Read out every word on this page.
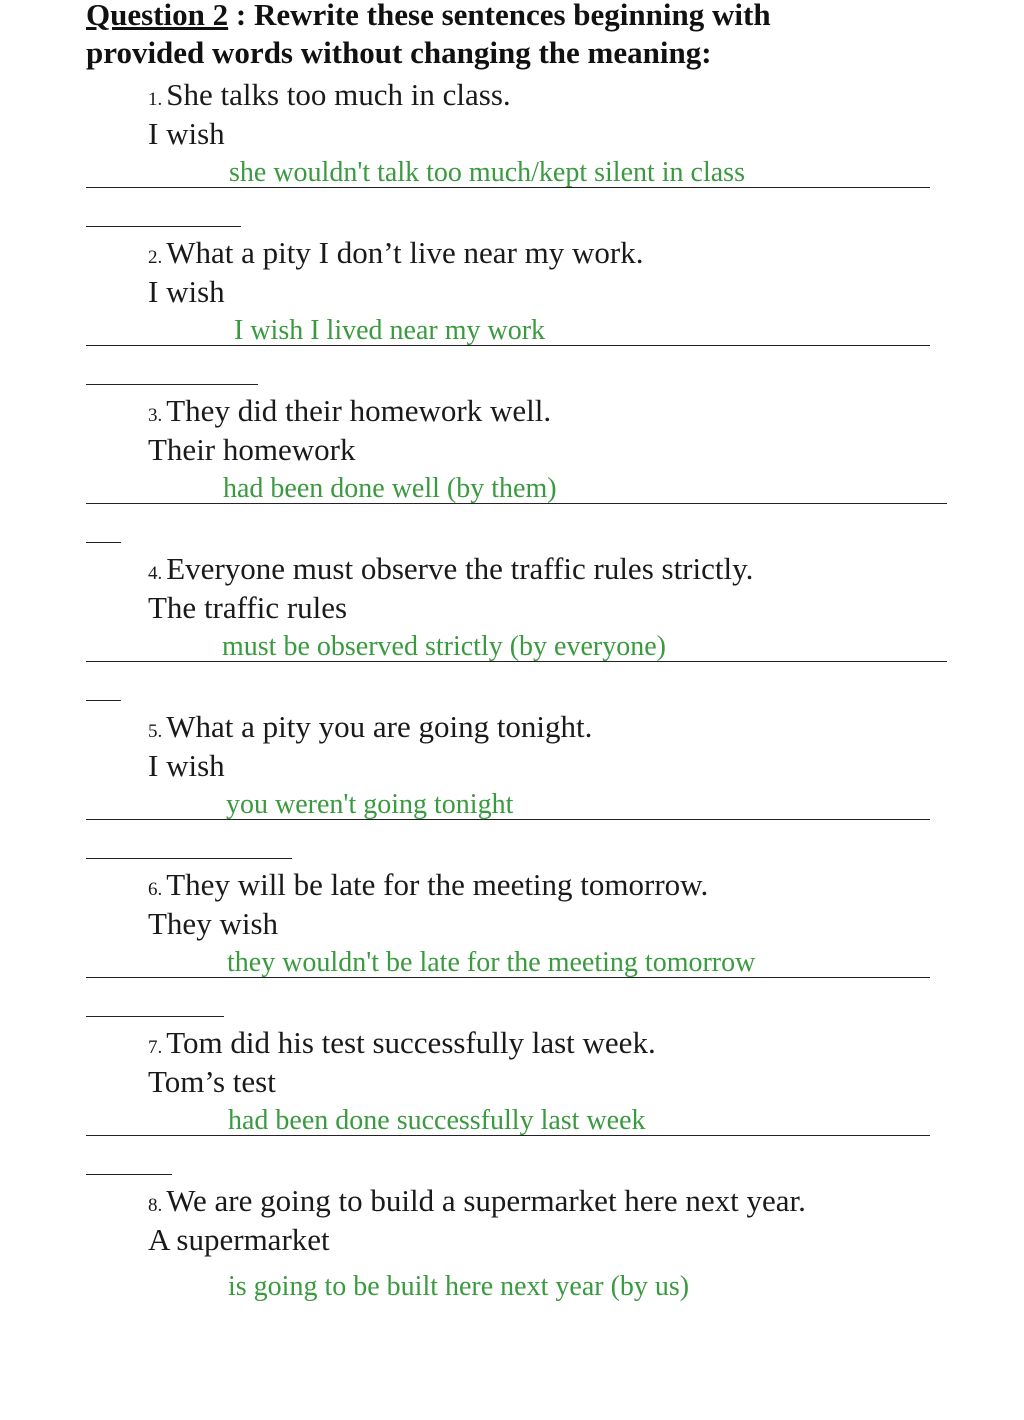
Question 2 : Rewrite these sentences beginning with
provided words without changing the meaning:
1. She talks too much in class.
I wish
she wouldn't talk too much/kept silent in class
2. What a pity I don’t live near my work.
I wish
I wish I lived near my work
3. They did their homework well.
Their homework
had been done well (by them)
4. Everyone must observe the traffic rules strictly.
The traffic rules
must be observed strictly (by everyone)
5. What a pity you are going tonight.
I wish
you weren't going tonight
6. They will be late for the meeting tomorrow.
They wish
they wouldn't be late for the meeting tomorrow
7. Tom did his test successfully last week.
Tom’s test
had been done successfully last week
8. We are going to build a supermarket here next year.
A supermarket
is going to be built here next year (by us)
